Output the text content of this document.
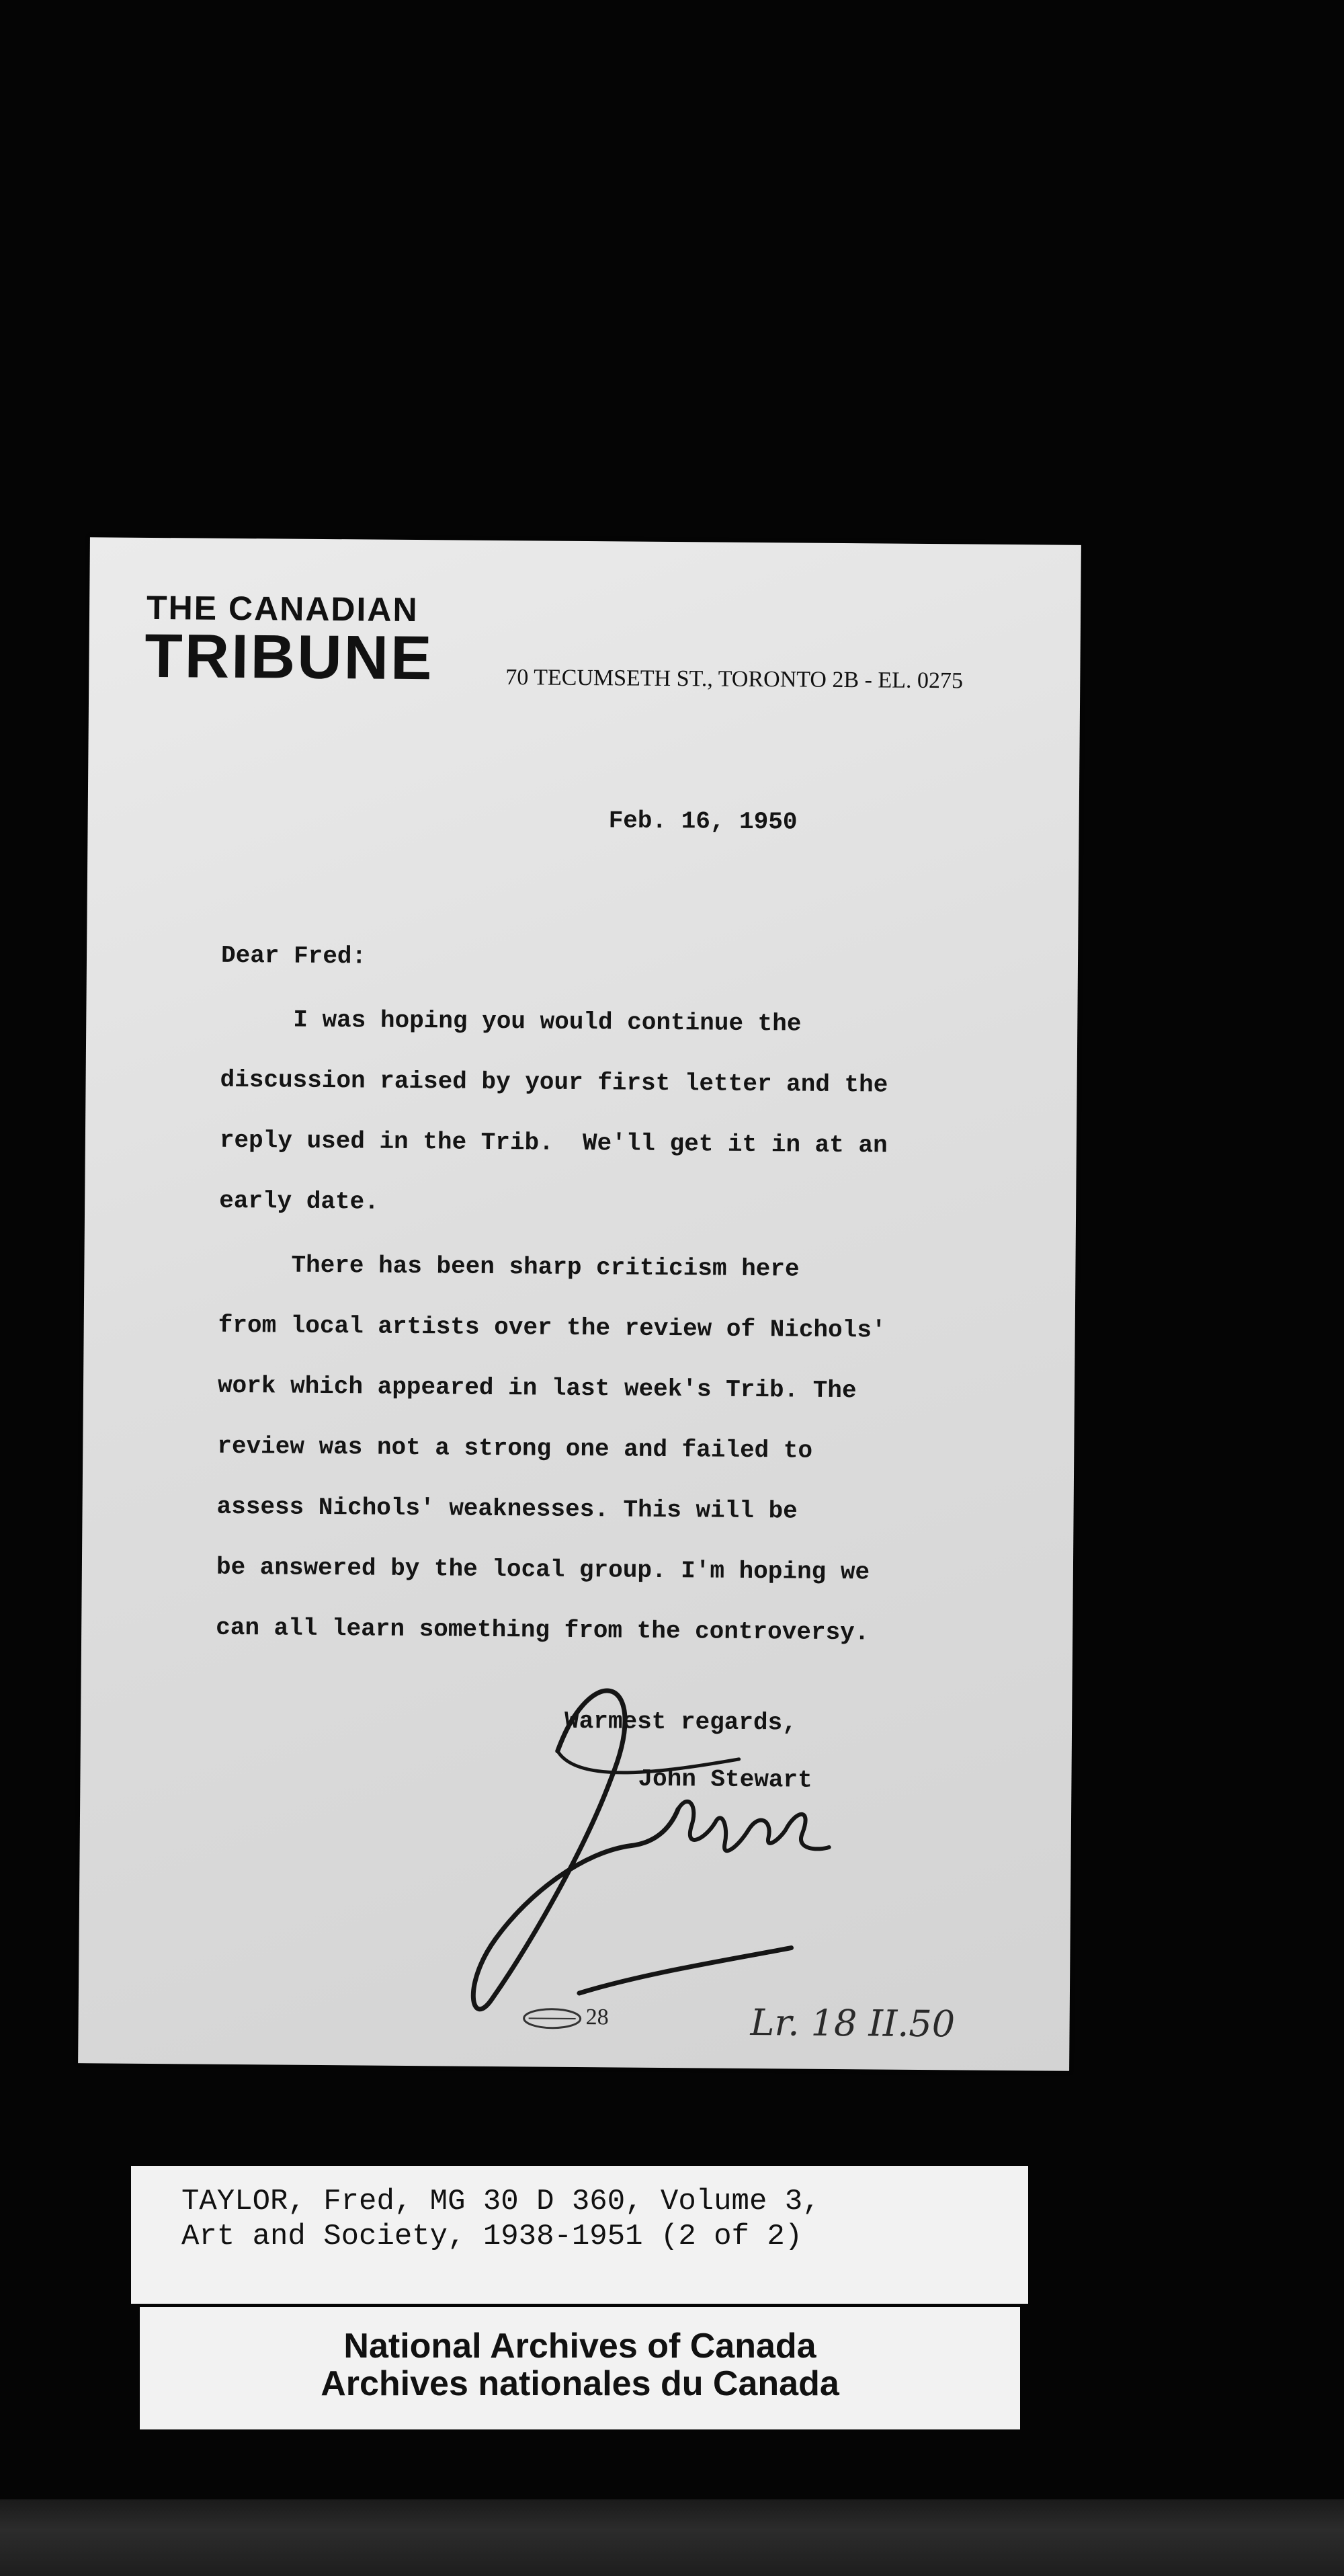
THE CANADIAN
TRIBUNE	70 TECUMSETH ST., TORONTO 2B - EL. 0275
Feb. 16, 1950
Dear Fred:
I was hoping you would continue the
discussion raised by your first letter and the
reply used in the Trib.  We'll get it in at an
early date.
There has been sharp criticism here
from local artists over the review of Nichols'
work which appeared in last week's Trib. The
review was not a strong one and failed to
assess Nichols' weaknesses. This will be
be answered by the local group. I'm hoping we
can all learn something from the controversy.
Warmest regards,
John Stewart
28	Lr. 18 II.50
TAYLOR, Fred, MG 30 D 360, Volume 3,
Art and Society, 1938-1951 (2 of 2)
National Archives of Canada
Archives nationales du Canada
